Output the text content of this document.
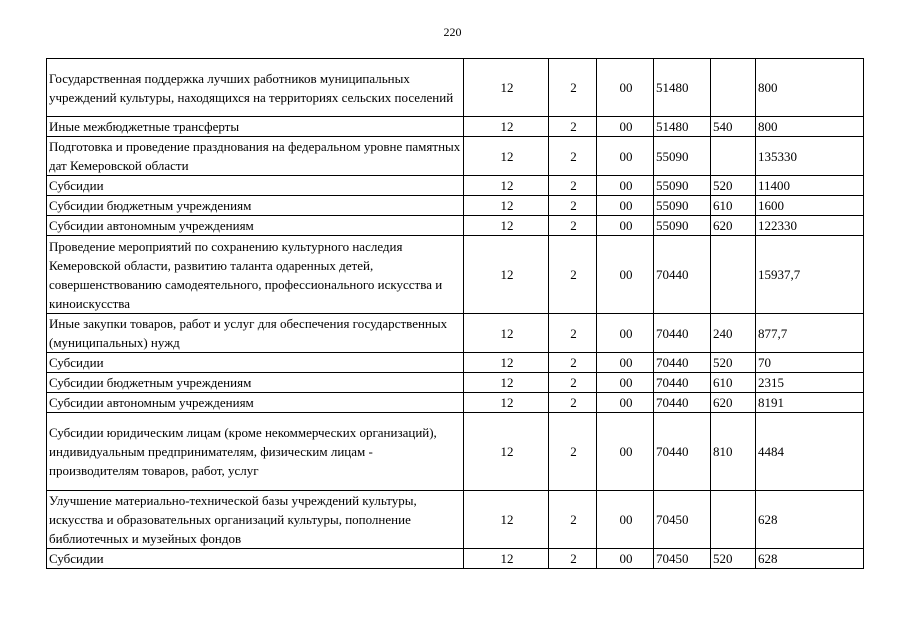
220
Государственная поддержка лучших работников муниципальных учреждений культуры, находящихся на территориях сельских поселений	12	2	00	51480		800
Иные межбюджетные трансферты	12	2	00	51480	540	800
Подготовка и проведение празднования на федеральном уровне памятных дат Кемеровской области	12	2	00	55090		135330
Субсидии	12	2	00	55090	520	11400
Субсидии бюджетным учреждениям	12	2	00	55090	610	1600
Субсидии автономным учреждениям	12	2	00	55090	620	122330
Проведение мероприятий по сохранению культурного наследия Кемеровской области, развитию таланта одаренных детей, совершенствованию самодеятельного, профессионального искусства и киноискусства	12	2	00	70440		15937,7
Иные закупки товаров, работ и услуг для обеспечения государственных (муниципальных) нужд	12	2	00	70440	240	877,7
Субсидии	12	2	00	70440	520	70
Субсидии бюджетным учреждениям	12	2	00	70440	610	2315
Субсидии автономным учреждениям	12	2	00	70440	620	8191
Субсидии юридическим лицам (кроме некоммерческих организаций), индивидуальным предпринимателям, физическим лицам - производителям товаров, работ, услуг	12	2	00	70440	810	4484
Улучшение материально-технической базы учреждений культуры, искусства и образовательных организаций культуры, пополнение библиотечных и музейных фондов	12	2	00	70450		628
Субсидии	12	2	00	70450	520	628
